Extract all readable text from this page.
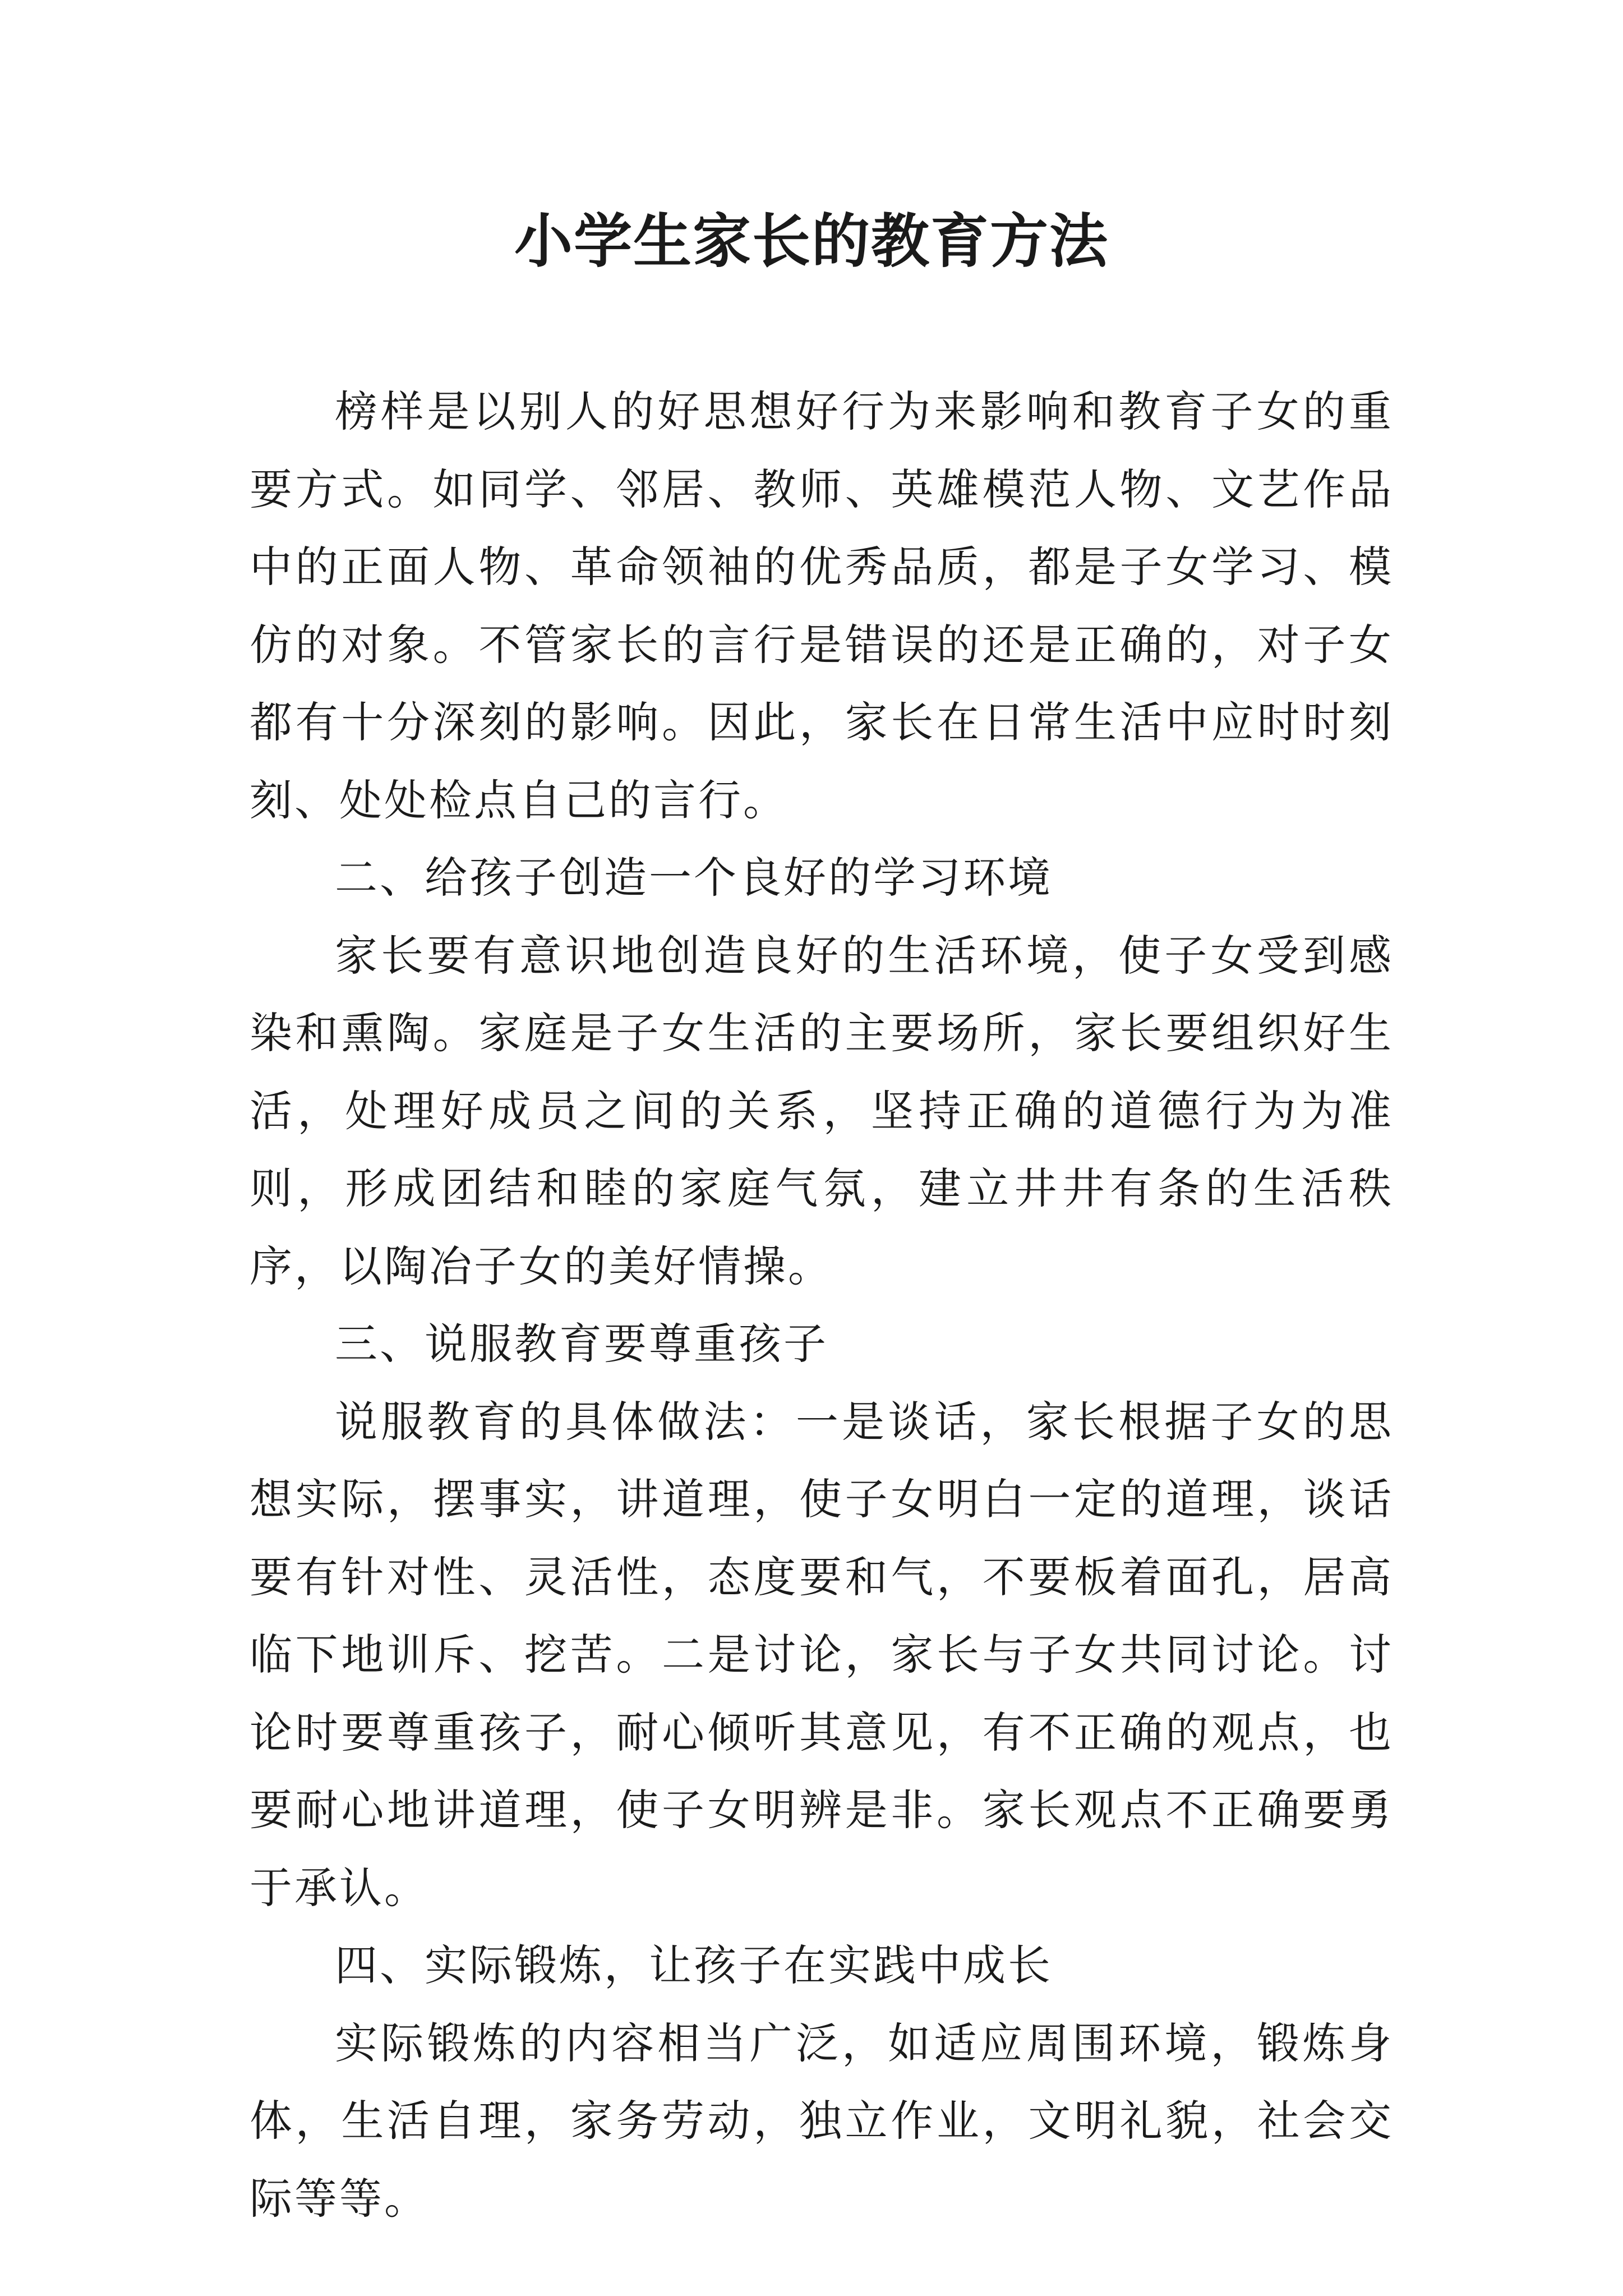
小学生家长的教育方法

榜样是以别人的好思想好行为来影响和教育子女的重要方式。如同学、邻居、教师、英雄模范人物、文艺作品中的正面人物、革命领袖的优秀品质，都是子女学习、模仿的对象。不管家长的言行是错误的还是正确的，对子女都有十分深刻的影响。因此，家长在日常生活中应时时刻刻、处处检点自己的言行。

二、给孩子创造一个良好的学习环境

家长要有意识地创造良好的生活环境，使子女受到感染和熏陶。家庭是子女生活的主要场所，家长要组织好生活，处理好成员之间的关系，坚持正确的道德行为为准则，形成团结和睦的家庭气氛，建立井井有条的生活秩序，以陶冶子女的美好情操。

三、说服教育要尊重孩子

说服教育的具体做法：一是谈话，家长根据子女的思想实际，摆事实，讲道理，使子女明白一定的道理，谈话要有针对性、灵活性，态度要和气，不要板着面孔，居高临下地训斥、挖苦。二是讨论，家长与子女共同讨论。讨论时要尊重孩子，耐心倾听其意见，有不正确的观点，也要耐心地讲道理，使子女明辨是非。家长观点不正确要勇于承认。

四、实际锻炼，让孩子在实践中成长

实际锻炼的内容相当广泛，如适应周围环境，锻炼身体，生活自理，家务劳动，独立作业，文明礼貌，社会交际等等。
